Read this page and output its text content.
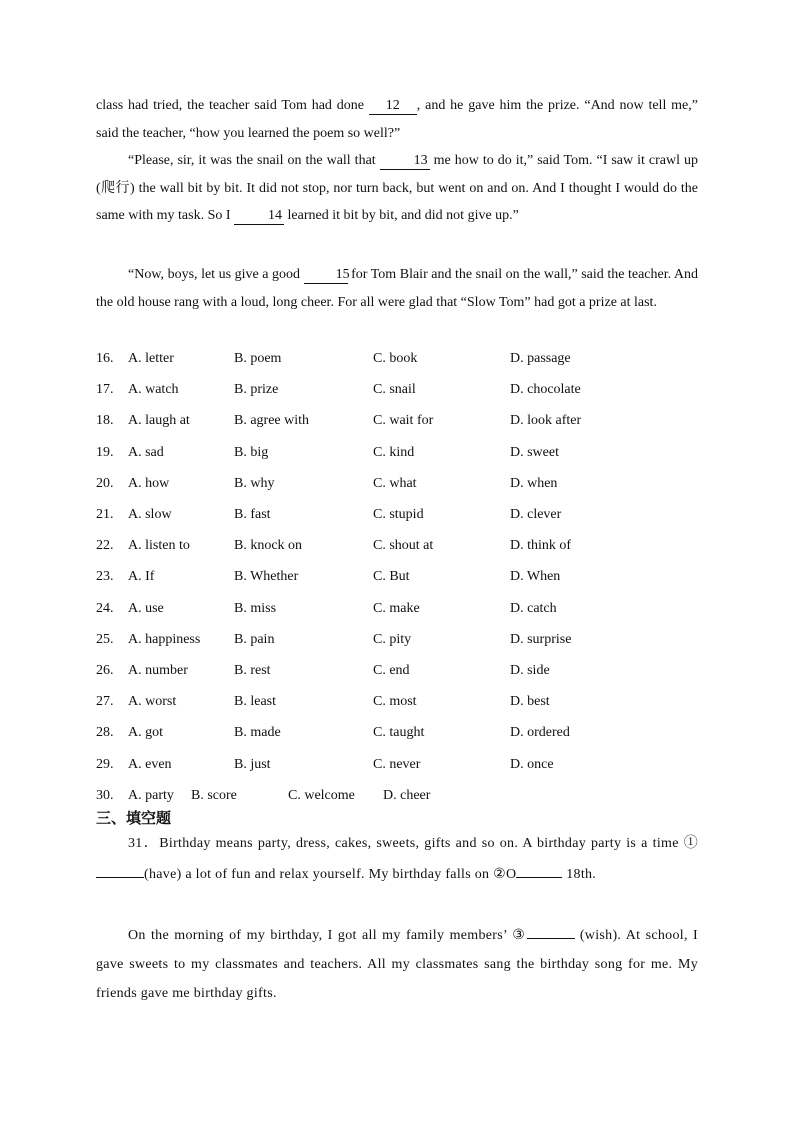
class had tried, the teacher said Tom had done 12 , and he gave him the prize. “And now tell me,” said the teacher, “how you learned the poem so well?”
“Please, sir, it was the snail on the wall that 13 me how to do it,” said Tom. “I saw it crawl up (爬行) the wall bit by bit. It did not stop, nor turn back, but went on and on. And I thought I would do the same with my task. So I 14 learned it bit by bit, and did not give up.”
“Now, boys, let us give a good 15 for Tom Blair and the snail on the wall,” said the teacher. And the old house rang with a loud, long cheer. For all were glad that “Slow Tom” had got a prize at last.
16. A. letter	B. poem	C. book	D. passage
17. A. watch	B. prize	C. snail	D. chocolate
18. A. laugh at	B. agree with	C. wait for	D. look after
19. A. sad	B. big	C. kind	D. sweet
20. A. how	B. why	C. what	D. when
21. A. slow	B. fast	C. stupid	D. clever
22. A. listen to	B. knock on	C. shout at	D. think of
23. A. If	B. Whether	C. But	D. When
24. A. use	B. miss	C. make	D. catch
25. A. happiness B. pain	C. pity	D. surprise
26. A. number	B. rest	C. end	D. side
27. A. worst	B. least	C. most	D. best
28. A. got	B. made	C. taught	D. ordered
29. A. even	B. just	C. never	D. once
30. A. party B. score	C. welcome D. cheer
三、填空题
31．Birthday means party, dress, cakes, sweets, gifts and so on. A birthday party is a time ①(have) a lot of fun and relax yourself. My birthday falls on ②O	18th.
On the morning of my birthday, I got all my family members’ ③	(wish). At school, I gave sweets to my classmates and teachers. All my classmates sang the birthday song for me. My friends gave me birthday gifts.
